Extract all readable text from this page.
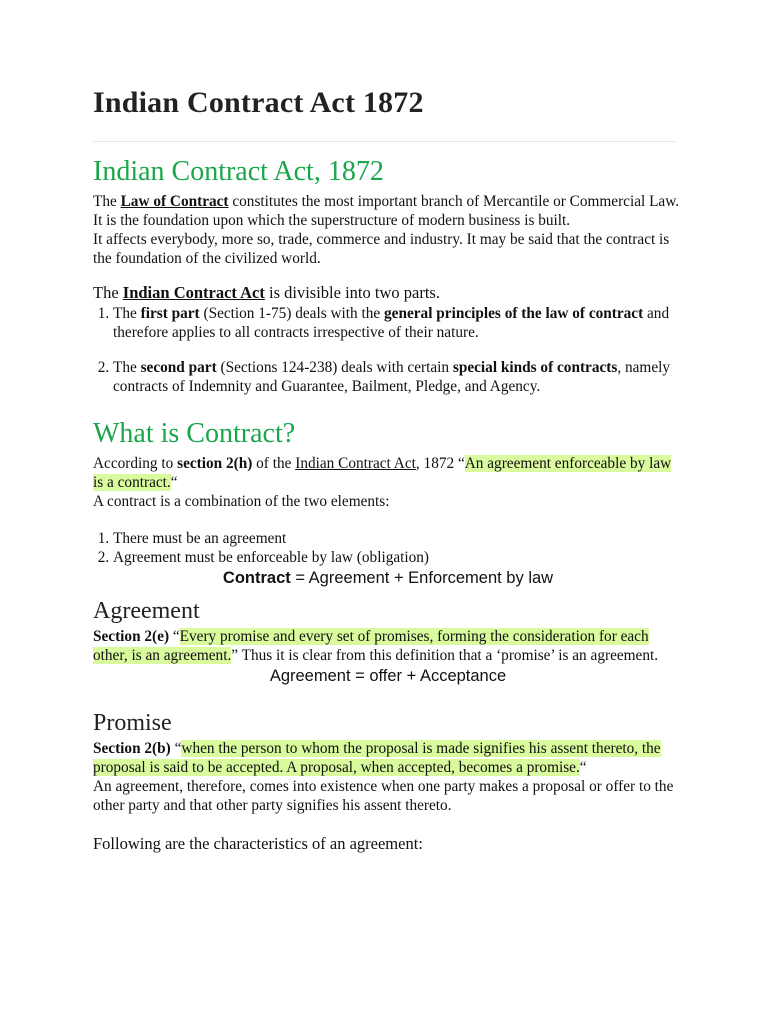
Indian Contract Act 1872
Indian Contract Act, 1872

The Law of Contract constitutes the most important branch of Mercantile or Commercial Law. It is the foundation upon which the superstructure of modern business is built.

It affects everybody, more so, trade, commerce and industry. It may be said that the contract is the foundation of the civilized world.

The Indian Contract Act is divisible into two parts.

1. The first part (Section 1-75) deals with the general principles of the law of contract and therefore applies to all contracts irrespective of their nature.
2. The second part (Sections 124-238) deals with certain special kinds of contracts, namely contracts of Indemnity and Guarantee, Bailment, Pledge, and Agency.
What is Contract?

According to section 2(h) of the Indian Contract Act, 1872 “An agreement enforceable by law is a contract.“

A contract is a combination of the two elements:

1. There must be an agreement
2. Agreement must be enforceable by law (obligation)
Contract = Agreement + Enforcement by law
Agreement

Section 2(e) “Every promise and every set of promises, forming the consideration for each other, is an agreement.” Thus it is clear from this definition that a ‘promise’ is an agreement.

Agreement = offer + Acceptance
Promise

Section 2(b) “when the person to whom the proposal is made signifies his assent thereto, the proposal is said to be accepted. A proposal, when accepted, becomes a promise.“

An agreement, therefore, comes into existence when one party makes a proposal or offer to the other party and that other party signifies his assent thereto.

Following are the characteristics of an agreement:
